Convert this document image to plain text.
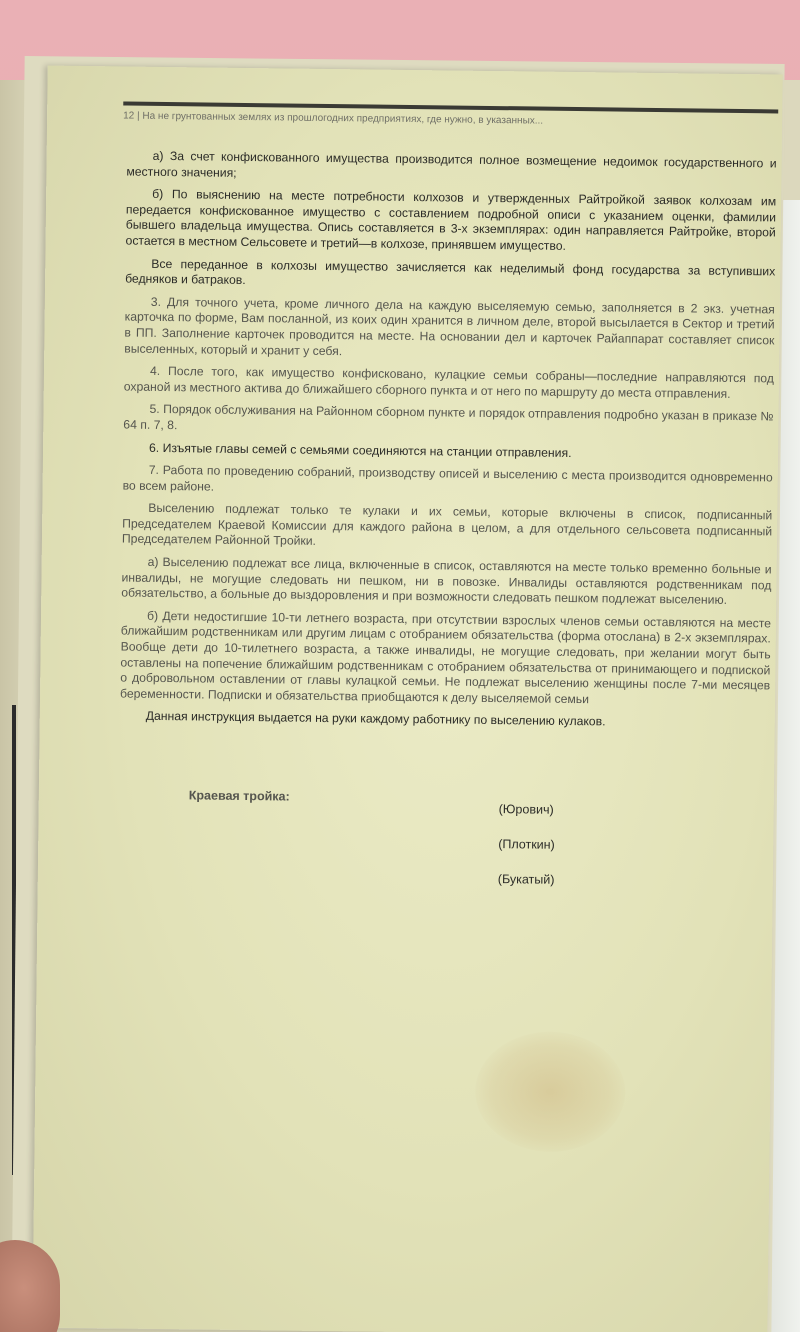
12 | На не грунтованных землях из прошлогодних предприятиях, где нужно, в указанных...

а) За счет конфискованного имущества производится полное возмещение недоимок государственного и местного значения;

б) По выяснению на месте потребности колхозов и утвержденных Райтройкой заявок колхозам им передается конфискованное имущество с составлением подробной описи с указанием оценки, фамилии бывшего владельца имущества. Опись составляется в 3-х экземплярах: один направляется Райтройке, второй остается в местном Сельсовете и третий—в колхозе, принявшем имущество.

Все переданное в колхозы имущество зачисляется как неделимый фонд государства за вступивших бедняков и батраков.

3. Для точного учета, кроме личного дела на каждую выселяемую семью, заполняется в 2 экз. учетная карточка по форме, Вам посланной, из коих один хранится в личном деле, второй высылается в Сектор и третий в ПП. Заполнение карточек проводится на месте. На основании дел и карточек Райаппарат составляет список выселенных, который и хранит у себя.

4. После того, как имущество конфисковано, кулацкие семьи собраны—последние направляются под охраной из местного актива до ближайшего сборного пункта и от него по маршруту до места отправления.

5. Порядок обслуживания на Районном сборном пункте и порядок отправления подробно указан в приказе № 64 п. 7, 8.

6. Изъятые главы семей с семьями соединяются на станции отправления.

7. Работа по проведению собраний, производству описей и выселению с места производится одновременно во всем районе.

Выселению подлежат только те кулаки и их семьи, которые включены в список, подписанный Председателем Краевой Комиссии для каждого района в целом, а для отдельного сельсовета подписанный Председателем Районной Тройки.

а) Выселению подлежат все лица, включенные в список, оставляются на месте только временно больные и инвалиды, не могущие следовать ни пешком, ни в повозке. Инвалиды оставляются родственникам под обязательство, а больные до выздоровления и при возможности следовать пешком подлежат выселению.

б) Дети недостигшие 10-ти летнего возраста, при отсутствии взрослых членов семьи оставляются на месте ближайшим родственникам или другим лицам с отобранием обязательства (форма отослана) в 2-х экземплярах. Вообще дети до 10-тилетнего возраста, а также инвалиды, не могущие следовать, при желании могут быть оставлены на попечение ближайшим родственникам с отобранием обязательства от принимающего и подпиской о добровольном оставлении от главы кулацкой семьи. Не подлежат выселению женщины после 7-ми месяцев беременности. Подписки и обязательства приобщаются к делу выселяемой семьи

Данная инструкция выдается на руки каждому работнику по выселению кулаков.

Краевая тройка:
(Юрович)
(Плоткин)
(Букатый)
